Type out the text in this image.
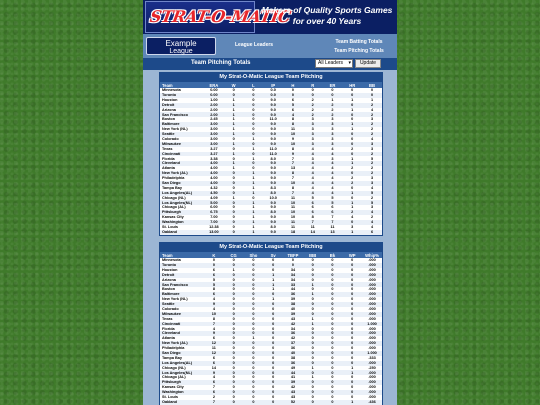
STRAT-O-MATIC
Makers of Quality Sports Games for over 40 Years
Example
League
League Leaders	Team Batting Totals
Team Pitching Totals
Team Pitching Totals	All Leaders ▾	Update
My Strat-O-Matic League Team Pitching
Team	ERA	W	L	IP	H	R	ER	HR	BB
Minnesota	0.00	0	0	0.0	0	0	0	0	0
Toronto	0.00	0	0	0.0	0	0	0	0	0
Houston	1.00	1	0	9.0	6	2	1	1	1
Detroit	2.00	1	0	9.0	5	2	2	0	2
Arizona	2.00	1	0	9.0	6	2	2	1	4
San Francisco	2.00	1	0	9.0	4	2	2	0	2
Boston	2.45	1	0	11.0	8	3	3	0	3
Baltimore	3.00	1	0	9.0	8	3	3	1	2
New York (NL)	3.00	1	0	9.0	11	3	3	1	2
Seattle	3.00	1	0	9.0	10	3	3	0	2
Colorado	3.00	0	1	9.0	9	3	3	0	4
Milwaukee	3.00	1	0	9.0	10	3	3	0	3
Texas	3.27	0	1	11.0	8	4	4	2	3
Cincinnati	3.27	1	0	11.0	9	4	4	0	2
Florida	3.38	0	1	8.0	7	3	3	1	5
Cleveland	4.00	1	0	9.0	7	4	4	1	2
Atlanta	4.00	1	0	9.0	13	4	4	2	2
New York (AL)	4.00	0	1	9.0	8	4	4	0	2
Philadelphia	4.00	0	1	9.0	7	4	4	2	3
San Diego	4.00	0	1	9.0	10	4	4	2	3
Tampa Bay	4.32	0	1	8.3	8	4	4	0	4
Los Angeles(AL)	4.50	0	1	8.0	7	4	4	1	5
Chicago (NL)	4.09	1	0	10.0	11	5	5	0	2
Los Angeles(NL)	5.00	0	1	9.0	10	6	5	1	5
Chicago (AL)	6.00	0	1	9.0	11	6	6	1	3
Pittsburgh	6.75	0	1	8.0	10	6	6	2	4
Kansas City	7.00	0	1	9.0	10	8	7	4	2
Washington	7.00	0	1	9.0	11	7	7	0	4
St. Louis	12.38	0	1	8.0	11	11	11	3	4
Oakland	13.00	0	1	9.0	18	14	13	1	6
My Strat-O-Matic League Team Pitching
Team	K	CG	Sho	Sv	TBFP	IBB	Bk	WP	Whip%
Minnesota	0	0	0	0	0	0	0	0	.000
Toronto	0	0	0	0	0	0	0	0	.000
Houston	6	1	0	0	34	0	0	0	.000
Detroit	6	0	0	1	34	0	0	0	.000
Arizona	5	0	0	1	34	0	0	0	.000
San Francisco	5	0	0	1	33	1	0	0	.000
Boston	8	0	0	1	44	0	0	0	.000
Baltimore	6	0	0	0	36	1	0	0	.000
New York (NL)	4	0	0	1	39	0	0	0	.000
Seattle	9	0	0	0	38	0	0	0	.000
Colorado	4	0	0	0	40	0	0	0	.000
Milwaukee	10	0	0	0	39	0	0	0	.000
Texas	8	0	0	0	43	1	0	0	.000
Cincinnati	7	0	0	0	42	1	0	0	1.000
Florida	4	0	0	0	34	0	0	0	.000
Cleveland	9	0	0	0	36	0	0	0	.000
Atlanta	6	0	1	0	42	0	0	0	.000
New York (AL)	12	0	0	0	37	0	0	0	.000
Philadelphia	11	0	0	0	36	0	0	0	.000
San Diego	12	0	0	0	40	0	0	0	1.000
Tampa Bay	6	0	0	0	38	0	0	0	.333
Los Angeles(AL)	6	0	0	0	36	0	0	0	.000
Chicago (NL)	14	0	0	0	49	1	0	1	.250
Los Angeles(NL)	9	0	0	0	44	0	0	1	.000
Chicago (AL)	4	0	0	0	41	1	0	0	.000
Pittsburgh	6	0	0	0	39	0	0	0	.000
Kansas City	7	0	0	0	42	0	0	0	.000
Washington	6	0	0	0	43	0	0	0	.000
St. Louis	2	0	0	0	43	0	0	0	.000
Oakland	7	0	0	0	52	0	0	1	.436
